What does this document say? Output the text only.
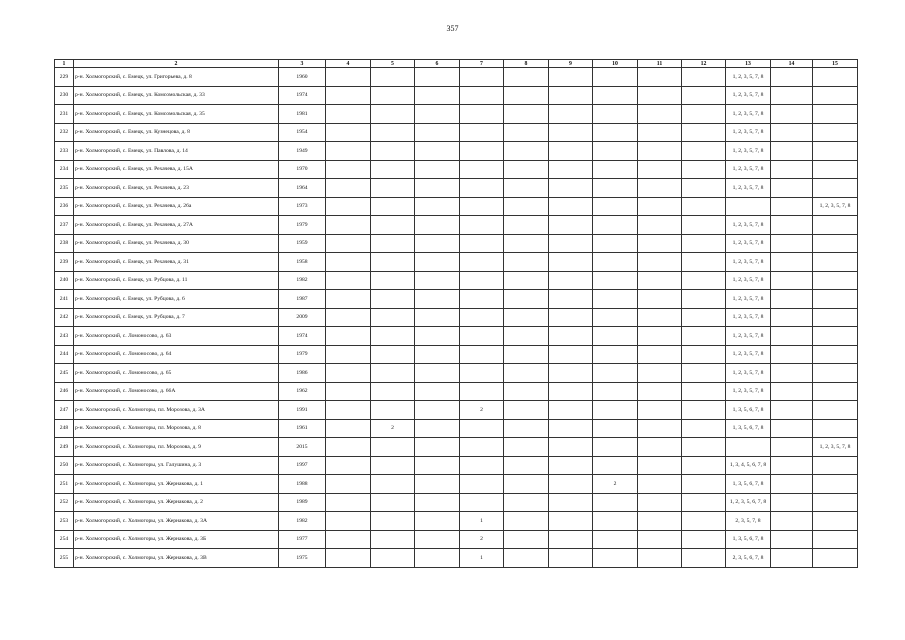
357
1	2	3	4	5	6	7	8	9	10	11	12	13	14	15
229	р-н. Холмогорский, с. Емецк, ул. Григорьева, д. 8	1960										1, 2, 3, 5, 7, 8		
230	р-н. Холмогорский, с. Емецк, ул. Комсомольская, д. 33	1974										1, 2, 3, 5, 7, 8		
231	р-н. Холмогорский, с. Емецк, ул. Комсомольская, д. 35	1981										1, 2, 3, 5, 7, 8		
232	р-н. Холмогорский, с. Емецк, ул. Кузнецова, д. 8	1954										1, 2, 3, 5, 7, 8		
233	р-н. Холмогорский, с. Емецк, ул. Павлова, д. 14	1949										1, 2, 3, 5, 7, 8		
234	р-н. Холмогорский, с. Емецк, ул. Рехачева, д. 15А	1970										1, 2, 3, 5, 7, 8		
235	р-н. Холмогорский, с. Емецк, ул. Рехачева, д. 23	1964										1, 2, 3, 5, 7, 8		
236	р-н. Холмогорский, с. Емецк, ул. Рехачева, д. 26а	1973												1, 2, 3, 5, 7, 8
237	р-н. Холмогорский, с. Емецк, ул. Рехачева, д. 27А	1979										1, 2, 3, 5, 7, 8		
238	р-н. Холмогорский, с. Емецк, ул. Рехачева, д. 30	1959										1, 2, 3, 5, 7, 8		
239	р-н. Холмогорский, с. Емецк, ул. Рехачева, д. 31	1958										1, 2, 3, 5, 7, 8		
240	р-н. Холмогорский, с. Емецк, ул. Рубцова, д. 11	1982										1, 2, 3, 5, 7, 8		
241	р-н. Холмогорский, с. Емецк, ул. Рубцова, д. 6	1987										1, 2, 3, 5, 7, 8		
242	р-н. Холмогорский, с. Емецк, ул. Рубцова, д. 7	2009										1, 2, 3, 5, 7, 8		
243	р-н. Холмогорский, с. Ломоносово, д. 63	1974										1, 2, 3, 5, 7, 8		
244	р-н. Холмогорский, с. Ломоносово, д. 64	1979										1, 2, 3, 5, 7, 8		
245	р-н. Холмогорский, с. Ломоносово, д. 65	1986										1, 2, 3, 5, 7, 8		
246	р-н. Холмогорский, с. Ломоносово, д. 66А	1962										1, 2, 3, 5, 7, 8		
247	р-н. Холмогорский, с. Холмогоры, пл. Морозова, д. 3А	1991				2						1, 3, 5, 6, 7, 8		
248	р-н. Холмогорский, с. Холмогоры, пл. Морозова, д. 8	1961		2								1, 3, 5, 6, 7, 8		
249	р-н. Холмогорский, с. Холмогоры, пл. Морозова, д. 9	2015												1, 2, 3, 5, 7, 8
250	р-н. Холмогорский, с. Холмогоры, ул. Галушина, д. 3	1997										1, 3, 4, 5, 6, 7, 8		
251	р-н. Холмогорский, с. Холмогоры, ул. Жернакова, д. 1	1988							2			1, 3, 5, 6, 7, 8		
252	р-н. Холмогорский, с. Холмогоры, ул. Жернакова, д. 2	1989										1, 2, 3, 5, 6, 7, 8		
253	р-н. Холмогорский, с. Холмогоры, ул. Жернакова, д. 3А	1982				1						2, 3, 5, 7, 8		
254	р-н. Холмогорский, с. Холмогоры, ул. Жернакова, д. 3Б	1977				2						1, 3, 5, 6, 7, 8		
255	р-н. Холмогорский, с. Холмогоры, ул. Жернакова, д. 3В	1975				1						2, 3, 5, 6, 7, 8		
